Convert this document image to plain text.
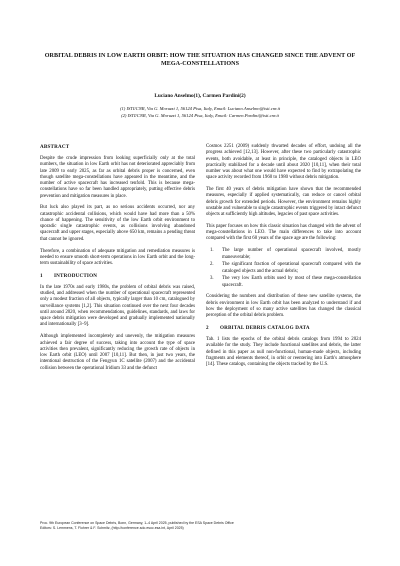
ORBITAL DEBRIS IN LOW EARTH ORBIT: HOW THE SITUATION HAS CHANGED SINCE THE ADVENT OF MEGA-CONSTELLATIONS
Luciano Anselmo(1), Carmen Pardini(2)
(1) ISTI/CNR, Via G. Moruzzi 1, 56124 Pisa, Italy, Email: Luciano.Anselmo@isti.cnr.it
(2) ISTI/CNR, Via G. Moruzzi 1, 56124 Pisa, Italy, Email: Carmen.Pardini@isti.cnr.it
ABSTRACT

Despite the crude impression from looking superficially only at the total numbers, the situation in low Earth orbit has not deteriorated appreciably from late 2009 to early 2025, as far as orbital debris proper is concerned, even though satellite mega-constellations have appeared in the meantime, and the number of active spacecraft has increased tenfold. This is because mega-constellations have so far been handled appropriately, putting effective debris prevention and mitigation measures in place.

But luck also played its part, as no serious accidents occurred, nor any catastrophic accidental collisions, which would have had more than a 50% chance of happening. The sensitivity of the low Earth orbit environment to sporadic single catastrophic events, as collisions involving abandoned spacecraft and upper stages, especially above 650 km, remains a pending threat that cannot be ignored.

Therefore, a combination of adequate mitigation and remediation measures is needed to ensure smooth short-term operations in low Earth orbit and the long-term sustainability of space activities.

1 INTRODUCTION

In the late 1970s and early 1980s, the problem of orbital debris was raised, studied, and addressed when the number of operational spacecraft represented only a modest fraction of all objects, typically larger than 10 cm, catalogued by surveillance systems [1,2]. This situation continued over the next four decades until around 2020, when recommendations, guidelines, standards, and laws for space debris mitigation were developed and gradually implemented nationally and internationally [3–9].

Although implemented incompletely and unevenly, the mitigation measures achieved a fair degree of success, taking into account the type of space activities then prevalent, significantly reducing the growth rate of objects in low Earth orbit (LEO) until 2007 [10,11]. But then, in just two years, the intentional destruction of the Fengyun 1C satellite (2007) and the accidental collision between the operational Iridium 33 and the defunct

Cosmos 2251 (2009) suddenly thwarted decades of effort, undoing all the progress achieved [12,13]. However, after these two particularly catastrophic events, both avoidable, at least in principle, the cataloged objects in LEO practically stabilized for a decade until about 2020 [10,11], when their total number was about what one would have expected to find by extrapolating the space activity recorded from 1960 to 1980 without debris mitigation.

The first 40 years of debris mitigation have shown that the recommended measures, especially if applied systematically, can reduce or cancel orbital debris growth for extended periods. However, the environment remains highly unstable and vulnerable to single catastrophic events triggered by intact defunct objects at sufficiently high altitudes, legacies of past space activities.

This paper focuses on how this classic situation has changed with the advent of mega-constellations in LEO. The main differences to take into account compared with the first 60 years of the space age are the following:

1. The large number of operational spacecraft involved, mostly maneuverable;
2. The significant fraction of operational spacecraft compared with the cataloged objects and the actual debris;
3. The very low Earth orbits used by most of these mega-constellation spacecraft.

Considering the numbers and distribution of these new satellite systems, the debris environment in low Earth orbit has been analyzed to understand if and how the deployment of so many active satellites has changed the classical perception of the orbital debris problem.

2 ORBITAL DEBRIS CATALOG DATA

Tab. 1 lists the epochs of the orbital debris catalogs from 1994 to 2024 available for the study. They include functional satellites and debris, the latter defined in this paper as null non-functional, human-made objects, including fragments and elements thereof, in orbit or reentering into Earth's atmosphere [14]. These catalogs, containing the objects tracked by the U.S.

Proc. 9th European Conference on Space Debris, Bonn, Germany, 1–4 April 2025, published by the ESA Space Debris Office
Editors: S. Lemmens, T. Flohrer & F. Schmitz, (http://conference.sdo.esoc.esa.int, April 2025)
